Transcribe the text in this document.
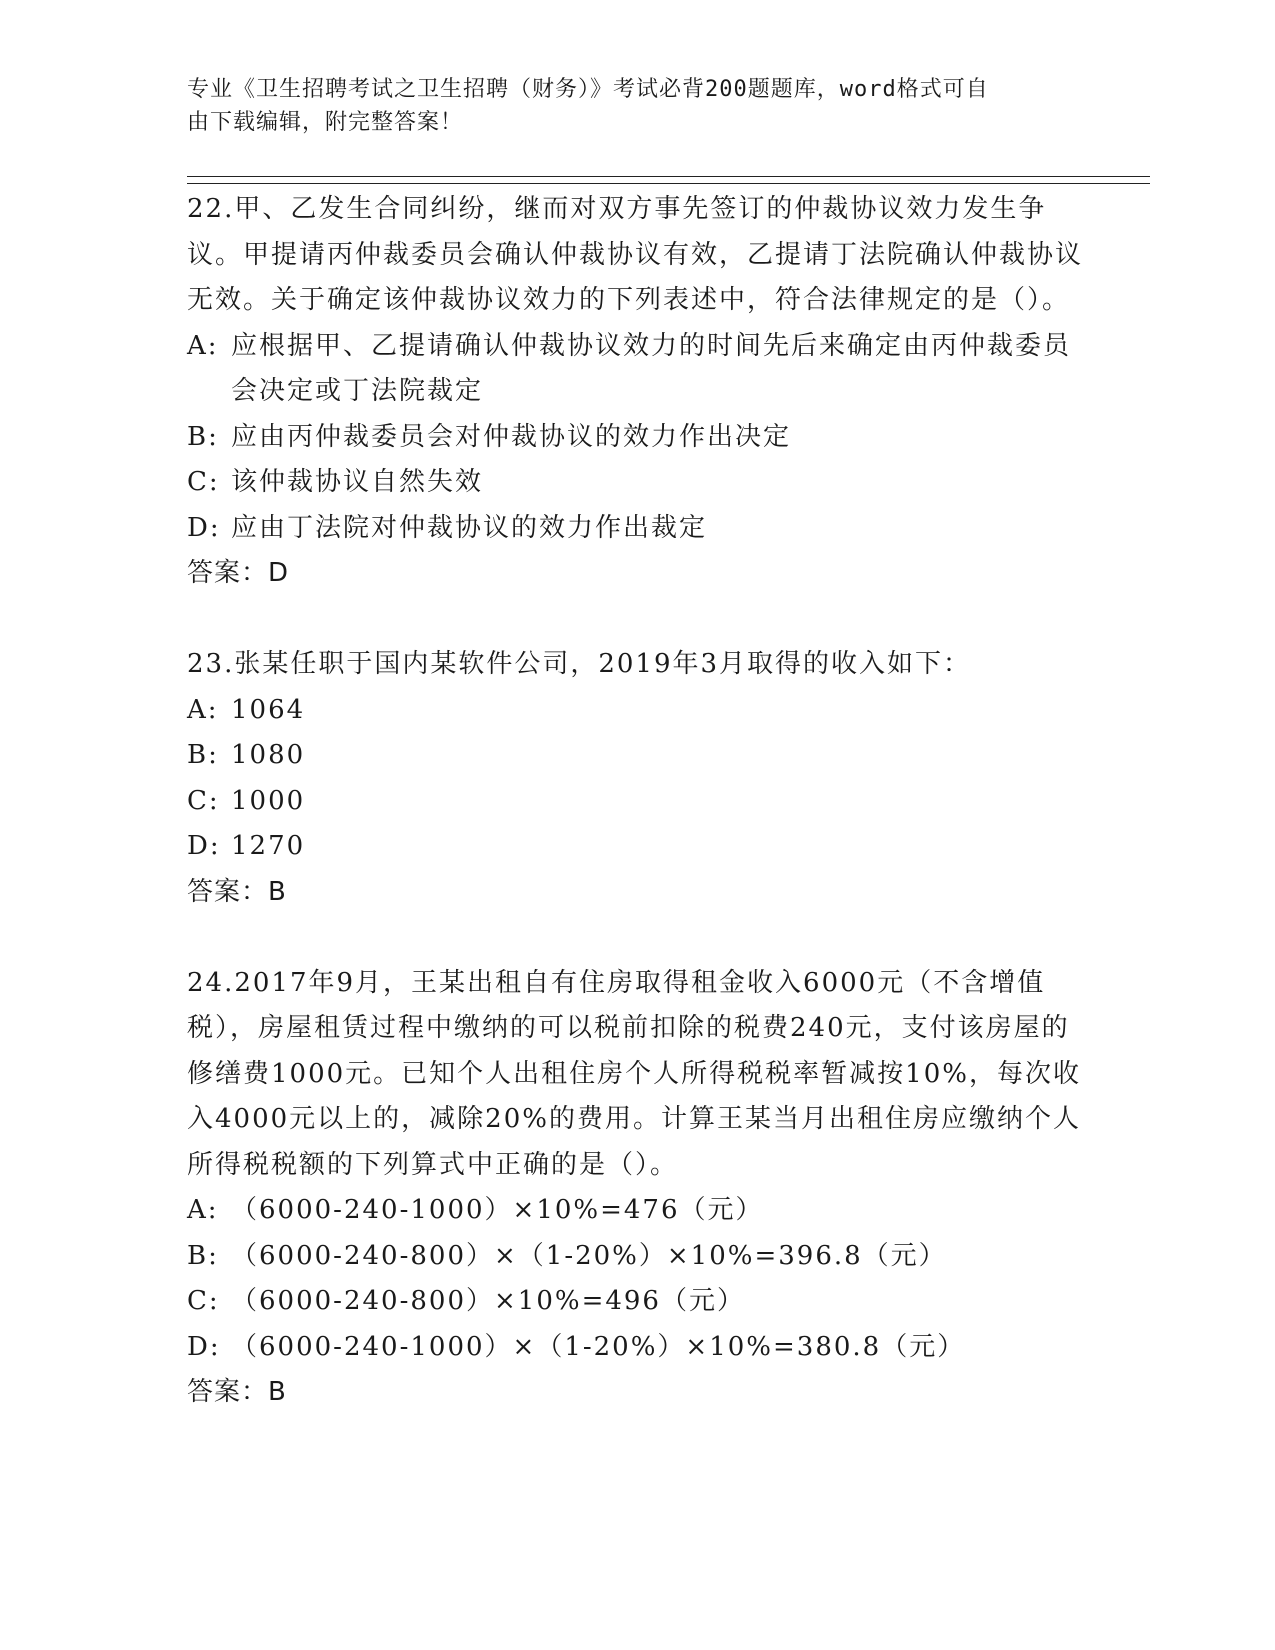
专业《卫生招聘考试之卫生招聘（财务）》考试必背200题题库，word格式可自
由下载编辑，附完整答案！
22.甲、乙发生合同纠纷，继而对双方事先签订的仲裁协议效力发生争议。甲提请丙仲裁委员会确认仲裁协议有效，乙提请丁法院确认仲裁协议无效。关于确定该仲裁协议效力的下列表述中，符合法律规定的是（）。
A: 应根据甲、乙提请确认仲裁协议效力的时间先后来确定由丙仲裁委员会决定或丁法院裁定
B: 应由丙仲裁委员会对仲裁协议的效力作出决定
C: 该仲裁协议自然失效
D: 应由丁法院对仲裁协议的效力作出裁定
答案：D
23.张某任职于国内某软件公司，2019年3月取得的收入如下：
A: 1064
B: 1080
C: 1000
D: 1270
答案：B
24.2017年9月，王某出租自有住房取得租金收入6000元（不含增值税），房屋租赁过程中缴纳的可以税前扣除的税费240元，支付该房屋的修缮费1000元。已知个人出租住房个人所得税税率暂减按10%，每次收入4000元以上的，减除20%的费用。计算王某当月出租住房应缴纳个人所得税税额的下列算式中正确的是（）。
A: （6000-240-1000）×10%=476（元）
B: （6000-240-800）×（1-20%）×10%=396.8（元）
C: （6000-240-800）×10%=496（元）
D: （6000-240-1000）×（1-20%）×10%=380.8（元）
答案：B
